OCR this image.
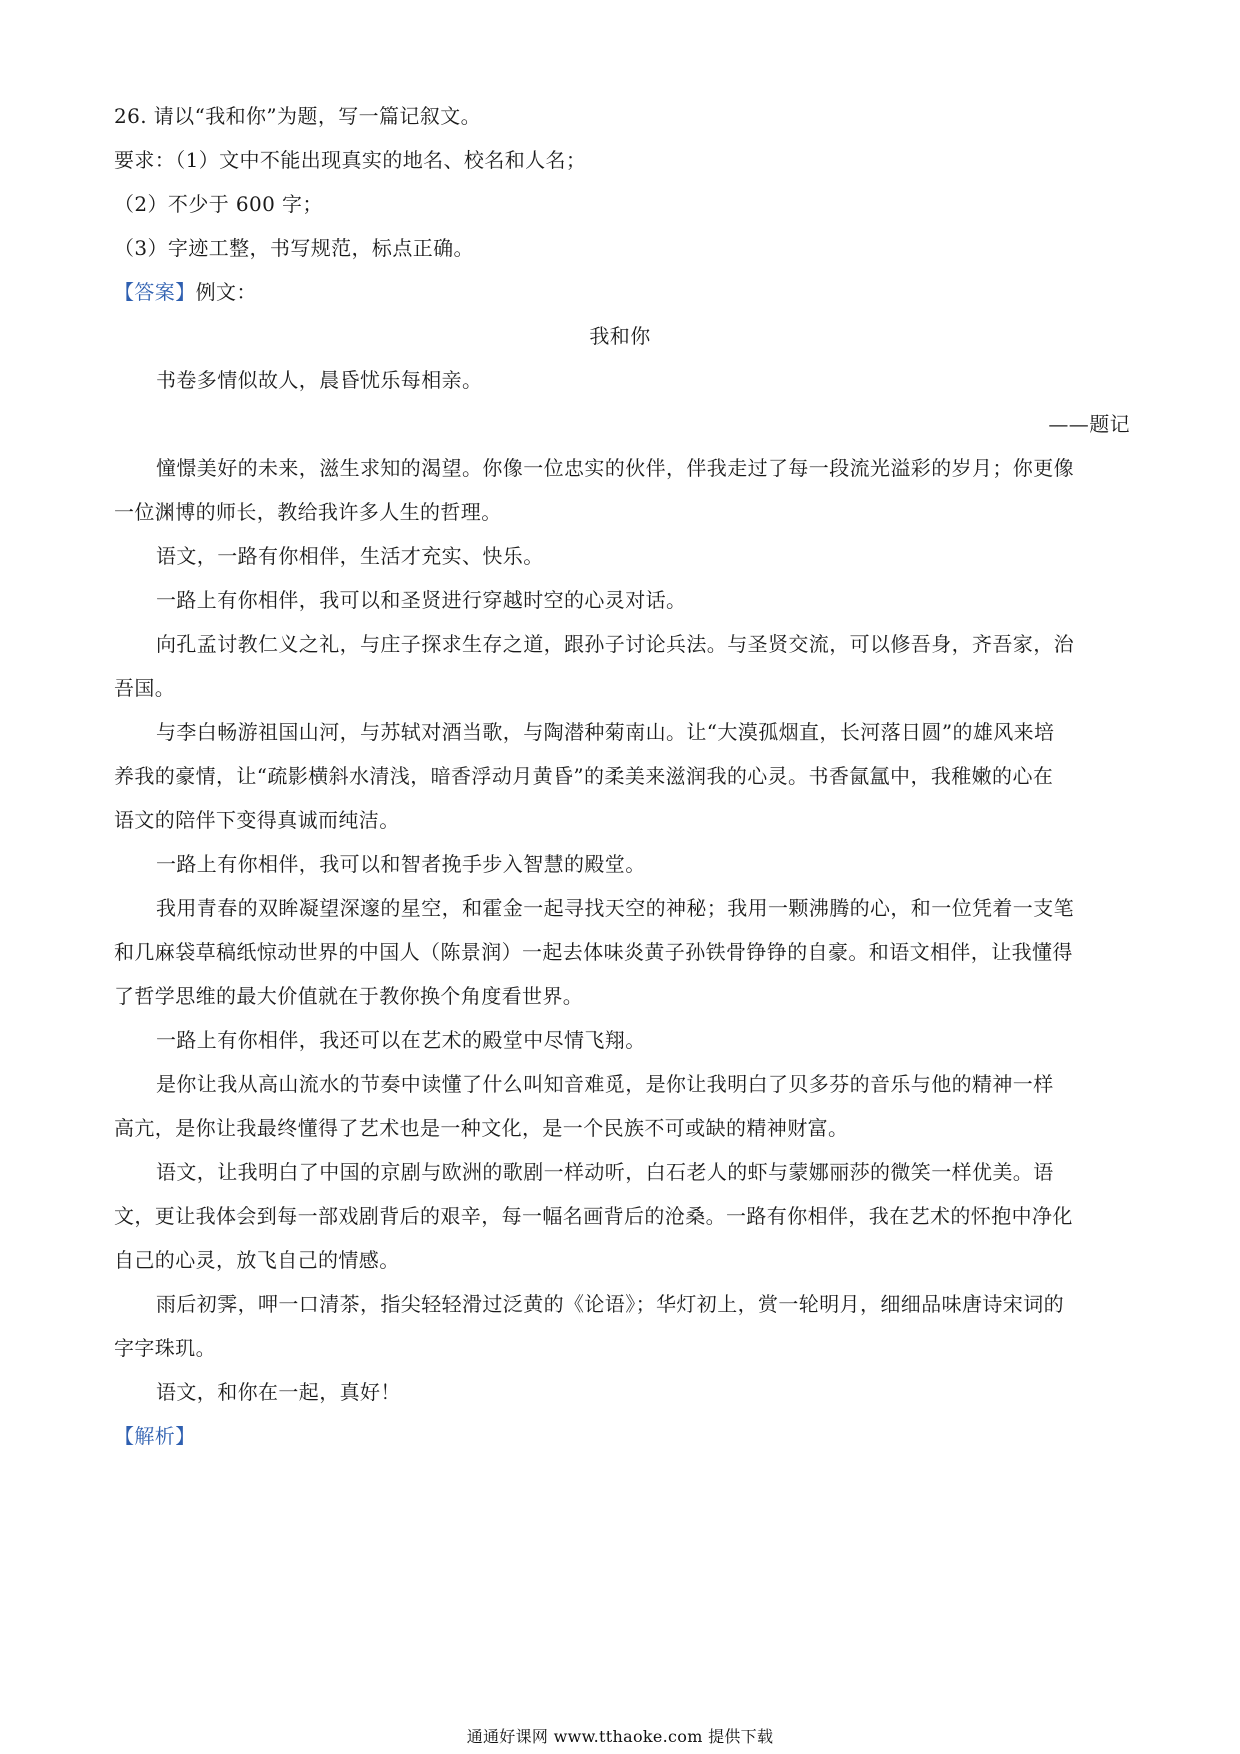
26. 请以“我和你”为题，写一篇记叙文。
要求：（1）文中不能出现真实的地名、校名和人名；
（2）不少于 600 字；
（3）字迹工整，书写规范，标点正确。
【答案】例文：
我和你
书卷多情似故人，晨昏忧乐每相亲。
——题记
憧憬美好的未来，滋生求知的渴望。你像一位忠实的伙伴，伴我走过了每一段流光溢彩的岁月；你更像
一位渊博的师长，教给我许多人生的哲理。
语文，一路有你相伴，生活才充实、快乐。
一路上有你相伴，我可以和圣贤进行穿越时空的心灵对话。
向孔孟讨教仁义之礼，与庄子探求生存之道，跟孙子讨论兵法。与圣贤交流，可以修吾身，齐吾家，治
吾国。
与李白畅游祖国山河，与苏轼对酒当歌，与陶潜种菊南山。让“大漠孤烟直，长河落日圆”的雄风来培
养我的豪情，让“疏影横斜水清浅，暗香浮动月黄昏”的柔美来滋润我的心灵。书香氤氲中，我稚嫩的心在
语文的陪伴下变得真诚而纯洁。
一路上有你相伴，我可以和智者挽手步入智慧的殿堂。
我用青春的双眸凝望深邃的星空，和霍金一起寻找天空的神秘；我用一颗沸腾的心，和一位凭着一支笔
和几麻袋草稿纸惊动世界的中国人（陈景润）一起去体味炎黄子孙铁骨铮铮的自豪。和语文相伴，让我懂得
了哲学思维的最大价值就在于教你换个角度看世界。
一路上有你相伴，我还可以在艺术的殿堂中尽情飞翔。
是你让我从高山流水的节奏中读懂了什么叫知音难觅，是你让我明白了贝多芬的音乐与他的精神一样
高亢，是你让我最终懂得了艺术也是一种文化，是一个民族不可或缺的精神财富。
语文，让我明白了中国的京剧与欧洲的歌剧一样动听，白石老人的虾与蒙娜丽莎的微笑一样优美。语
文，更让我体会到每一部戏剧背后的艰辛，每一幅名画背后的沧桑。一路有你相伴，我在艺术的怀抱中净化
自己的心灵，放飞自己的情感。
雨后初霁，呷一口清茶，指尖轻轻滑过泛黄的《论语》；华灯初上，赏一轮明月，细细品味唐诗宋词的
字字珠玑。
语文，和你在一起，真好！
【解析】
通通好课网 www.tthaoke.com 提供下载
